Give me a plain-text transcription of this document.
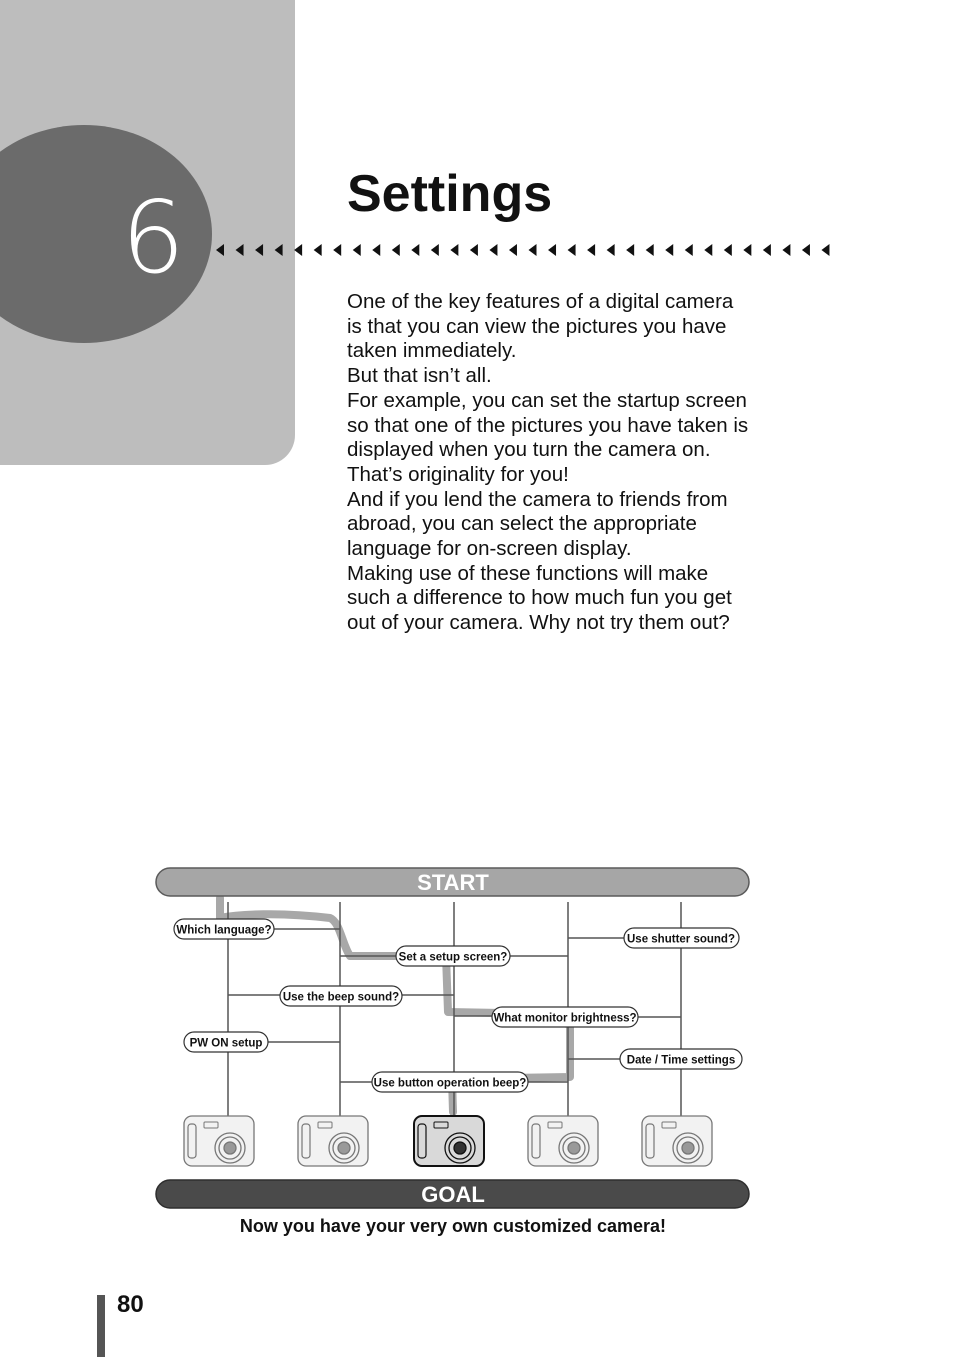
6	Settings

One of the key features of a digital camera

is that you can view the pictures you have

taken immediately.

But that isn’t all.

For example, you can set the startup screen

so that one of the pictures you have taken is

displayed when you turn the camera on.

That’s originality for you!

And if you lend the camera to friends from

abroad, you can select the appropriate

language for on-screen display.

Making use of these functions will make

such a difference to how much fun you get

out of your camera. Why not try them out?

START
Which language?
Set a setup screen?
Use shutter sound?
Use the beep sound?
What monitor brightness?
PW ON setup
Date / Time settings
Use button operation beep?
GOAL
Now you have your very own customized camera!
80
